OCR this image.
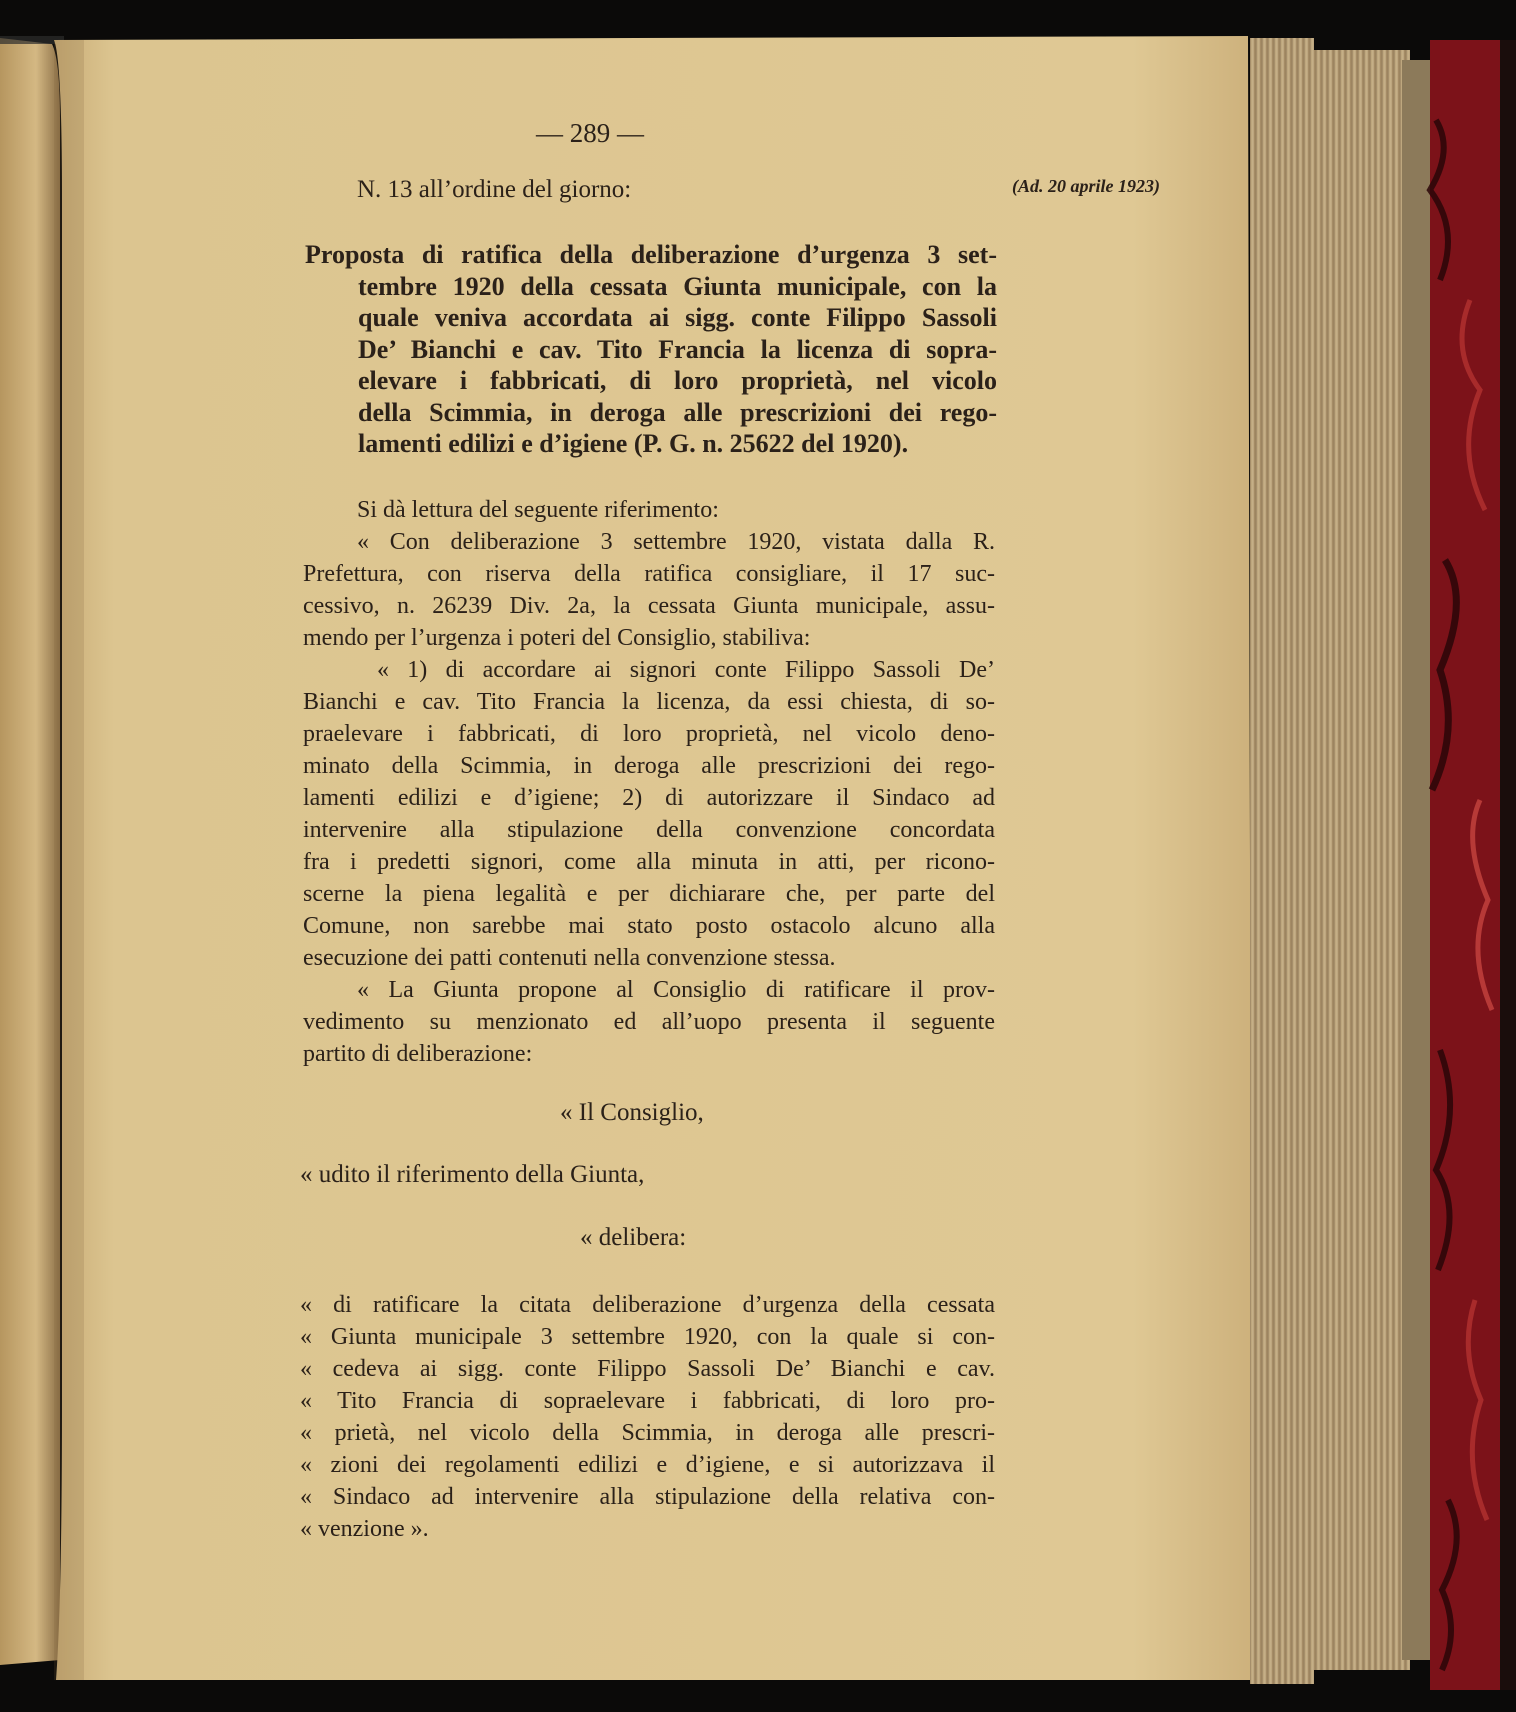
— 289 —
N. 13 all’ordine del giorno:	(Ad. 20 aprile 1923)
Proposta di ratifica della deliberazione d’urgenza 3 set-
tembre 1920 della cessata Giunta municipale, con la
quale veniva accordata ai sigg. conte Filippo Sassoli
De’ Bianchi e cav. Tito Francia la licenza di sopra-
elevare i fabbricati, di loro proprietà, nel vicolo
della Scimmia, in deroga alle prescrizioni dei rego-
lamenti edilizi e d’igiene (P. G. n. 25622 del 1920).
Si dà lettura del seguente riferimento:
« Con deliberazione 3 settembre 1920, vistata dalla R.
Prefettura, con riserva della ratifica consigliare, il 17 suc-
cessivo, n. 26239 Div. 2a, la cessata Giunta municipale, assu-
mendo per l’urgenza i poteri del Consiglio, stabiliva:
« 1) di accordare ai signori conte Filippo Sassoli De’
Bianchi e cav. Tito Francia la licenza, da essi chiesta, di so-
praelevare i fabbricati, di loro proprietà, nel vicolo deno-
minato della Scimmia, in deroga alle prescrizioni dei rego-
lamenti edilizi e d’igiene; 2) di autorizzare il Sindaco ad
intervenire alla stipulazione della convenzione concordata
fra i predetti signori, come alla minuta in atti, per ricono-
scerne la piena legalità e per dichiarare che, per parte del
Comune, non sarebbe mai stato posto ostacolo alcuno alla
esecuzione dei patti contenuti nella convenzione stessa.
« La Giunta propone al Consiglio di ratificare il prov-
vedimento su menzionato ed all’uopo presenta il seguente
partito di deliberazione:
« Il Consiglio,
« udito il riferimento della Giunta,
« delibera:
« di ratificare la citata deliberazione d’urgenza della cessata
« Giunta municipale 3 settembre 1920, con la quale si con-
« cedeva ai sigg. conte Filippo Sassoli De’ Bianchi e cav.
« Tito Francia di sopraelevare i fabbricati, di loro pro-
« prietà, nel vicolo della Scimmia, in deroga alle prescri-
« zioni dei regolamenti edilizi e d’igiene, e si autorizzava il
« Sindaco ad intervenire alla stipulazione della relativa con-
« venzione ».
